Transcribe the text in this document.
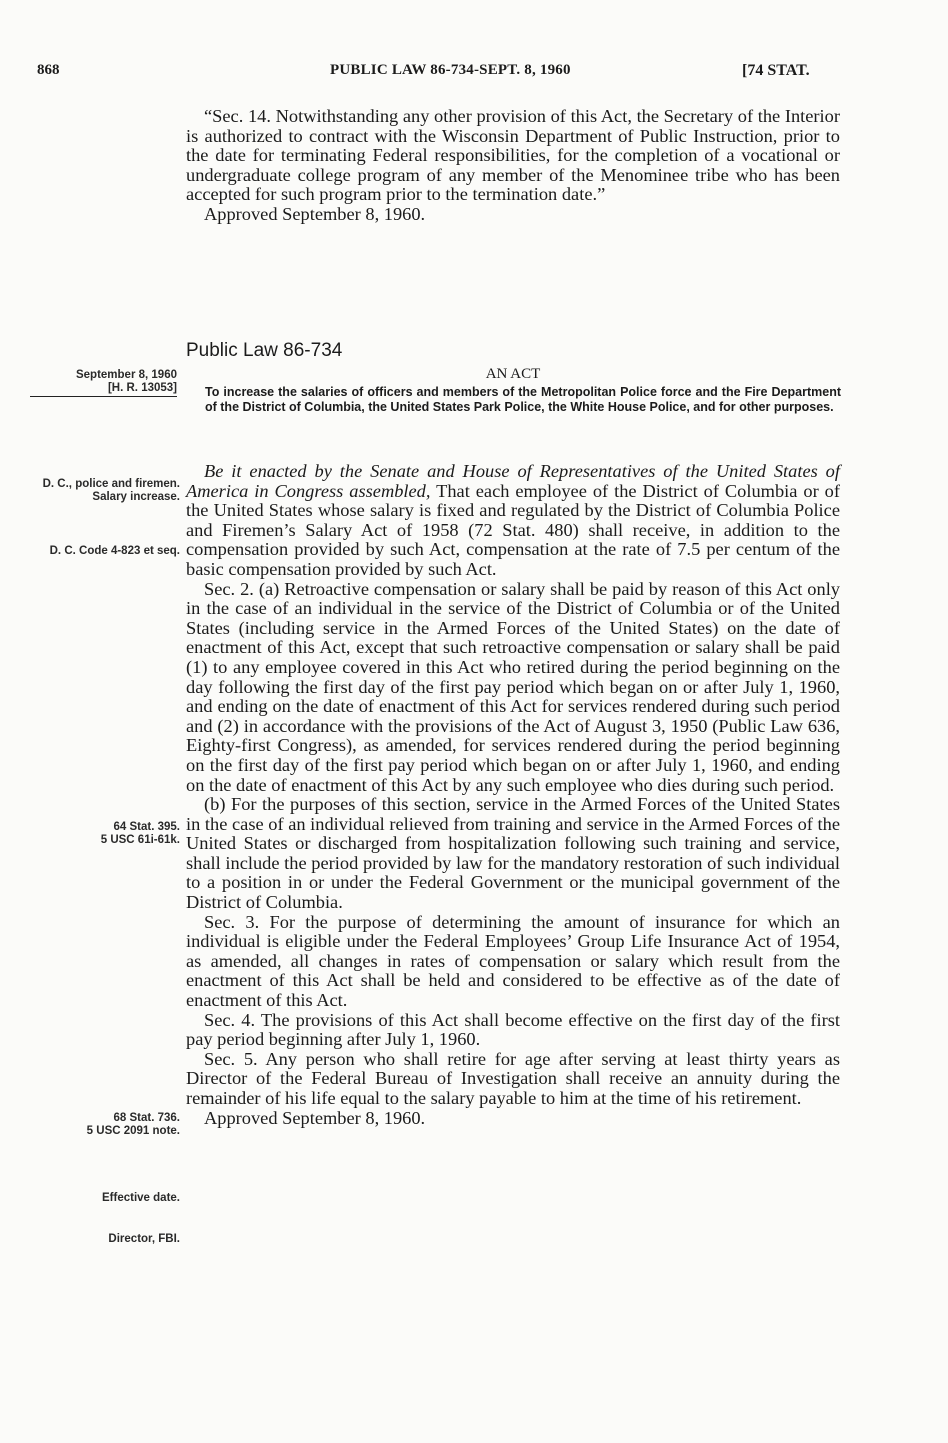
868	PUBLIC LAW 86-734-SEPT. 8, 1960	[74 STAT.

“Sec. 14. Notwithstanding any other provision of this Act, the Secretary of the Interior is authorized to contract with the Wisconsin Department of Public Instruction, prior to the date for terminating Federal responsibilities, for the completion of a vocational or undergraduate college program of any member of the Menominee tribe who has been accepted for such program prior to the termination date.”

Approved September 8, 1960.

Public Law 86-734
AN ACT
To increase the salaries of officers and members of the Metropolitan Police force and the Fire Department of the District of Columbia, the United States Park Police, the White House Police, and for other purposes.
September 8, 1960
[H. R. 13053]
D. C., police and firemen.
Salary increase.
D. C. Code 4-823 et seq.
64 Stat. 395.
5 USC 61i-61k.
68 Stat. 736.
5 USC 2091 note.
Effective date.
Director, FBI.

Be it enacted by the Senate and House of Representatives of the United States of America in Congress assembled, That each employee of the District of Columbia or of the United States whose salary is fixed and regulated by the District of Columbia Police and Firemen’s Salary Act of 1958 (72 Stat. 480) shall receive, in addition to the compensation provided by such Act, compensation at the rate of 7.5 per centum of the basic compensation provided by such Act.

Sec. 2. (a) Retroactive compensation or salary shall be paid by reason of this Act only in the case of an individual in the service of the District of Columbia or of the United States (including service in the Armed Forces of the United States) on the date of enactment of this Act, except that such retroactive compensation or salary shall be paid (1) to any employee covered in this Act who retired during the period beginning on the day following the first day of the first pay period which began on or after July 1, 1960, and ending on the date of enactment of this Act for services rendered during such period and (2) in accordance with the provisions of the Act of August 3, 1950 (Public Law 636, Eighty-first Congress), as amended, for services rendered during the period beginning on the first day of the first pay period which began on or after July 1, 1960, and ending on the date of enactment of this Act by any such employee who dies during such period.

(b) For the purposes of this section, service in the Armed Forces of the United States in the case of an individual relieved from training and service in the Armed Forces of the United States or discharged from hospitalization following such training and service, shall include the period provided by law for the mandatory restoration of such individual to a position in or under the Federal Government or the municipal government of the District of Columbia.

Sec. 3. For the purpose of determining the amount of insurance for which an individual is eligible under the Federal Employees’ Group Life Insurance Act of 1954, as amended, all changes in rates of compensation or salary which result from the enactment of this Act shall be held and considered to be effective as of the date of enactment of this Act.

Sec. 4. The provisions of this Act shall become effective on the first day of the first pay period beginning after July 1, 1960.

Sec. 5. Any person who shall retire for age after serving at least thirty years as Director of the Federal Bureau of Investigation shall receive an annuity during the remainder of his life equal to the salary payable to him at the time of his retirement.

Approved September 8, 1960.
